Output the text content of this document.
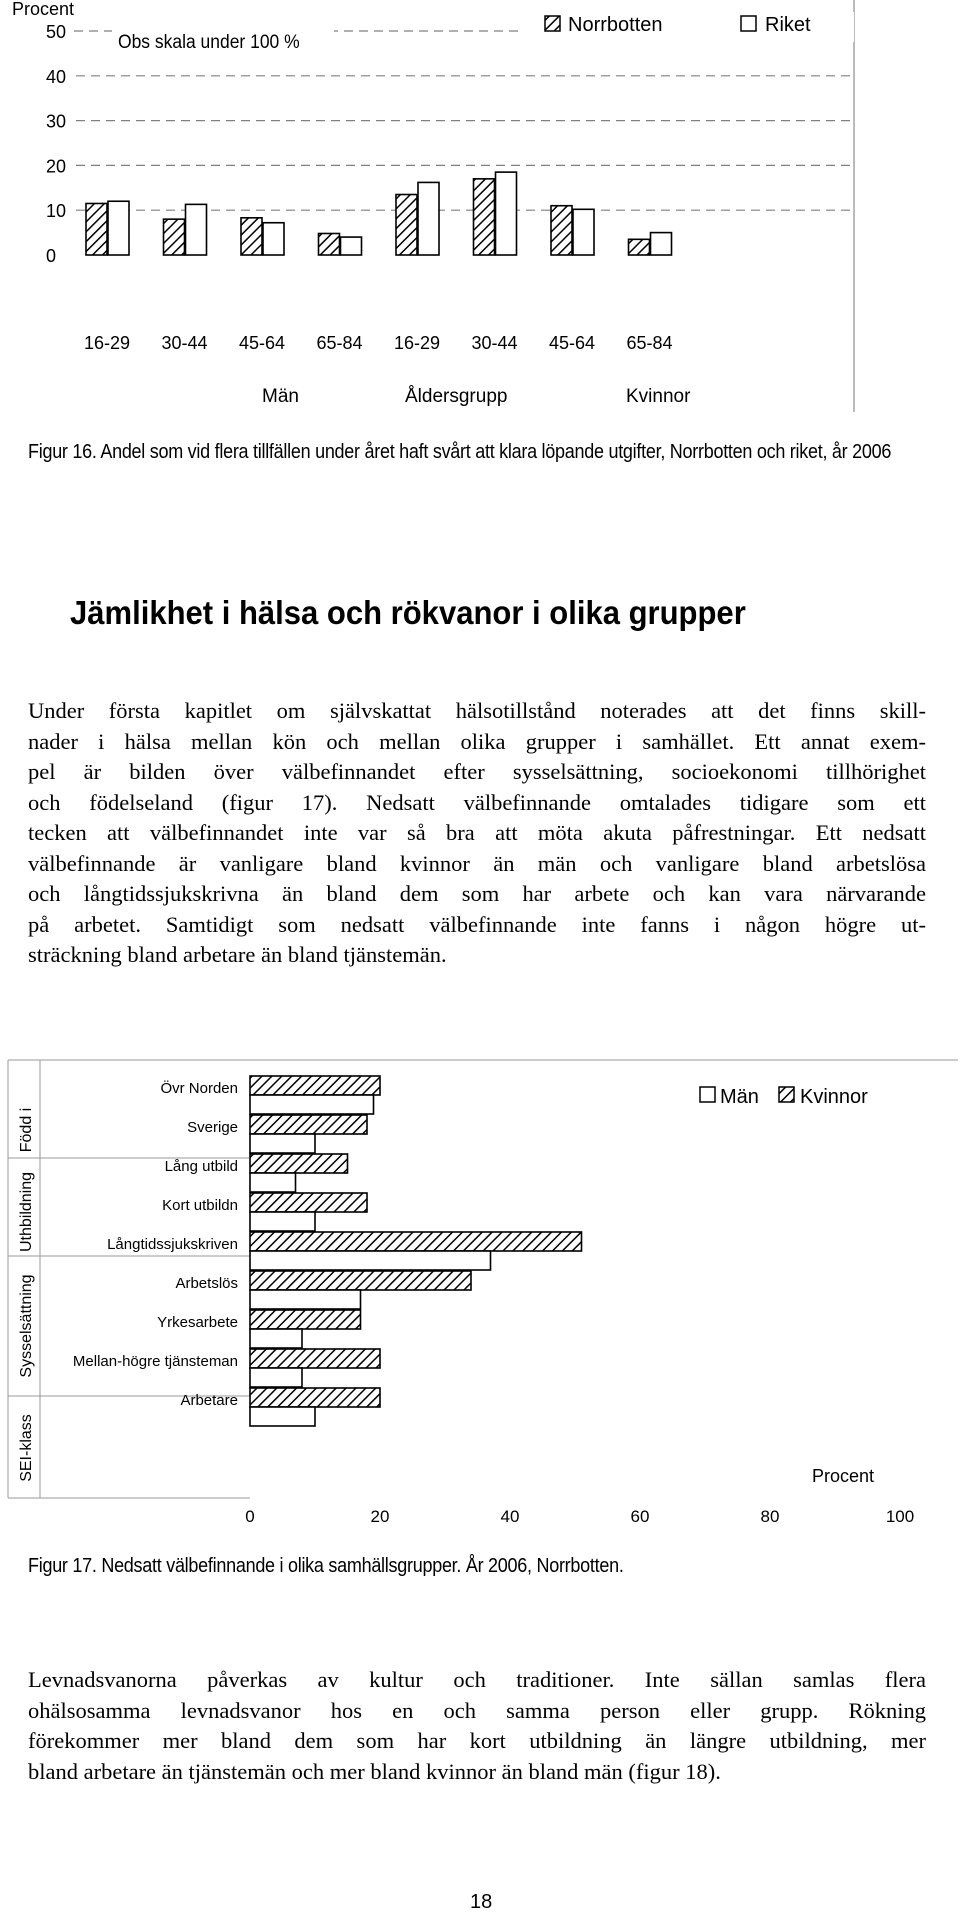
0
10
20
30
40
50
Procent
Obs skala under 100 %
Norrbotten	Riket
16-29 30-44 45-64 65-84 16-29 30-44 45-64 65-84
Män	Åldersgrupp	Kvinnor
Figur 16. Andel som vid flera tillfällen under året haft svårt att klara löpande utgifter, Norrbotten och riket, år 2006
Jämlikhet i hälsa och rökvanor i olika grupper
Under första kapitlet om självskattat hälsotillstånd noterades att det finns skill-
nader i hälsa mellan kön och mellan olika grupper i samhället. Ett annat exem-
pel är bilden över välbefinnandet efter sysselsättning, socioekonomi tillhörighet
och födelseland (figur 17). Nedsatt välbefinnande omtalades tidigare som ett
tecken att välbefinnandet inte var så bra att möta akuta påfrestningar. Ett nedsatt
välbefinnande är vanligare bland kvinnor än män och vanligare bland arbetslösa
och långtidssjukskrivna än bland dem som har arbete och kan vara närvarande
på arbetet. Samtidigt som nedsatt välbefinnande inte fanns i någon högre ut-
sträckning bland arbetare än bland tjänstemän.
Född i
Uthbildning
Sysselsättning
SEI-klass
Övr Norden
Sverige
Lång utbild
Kort utbildn
Långtidssjukskriven
Arbetslös
Yrkesarbete
Mellan-högre tjänsteman
Arbetare
0	20	40	60	80	100
Procent
Män Kvinnor
Figur 17. Nedsatt välbefinnande i olika samhällsgrupper. År 2006, Norrbotten.
Levnadsvanorna påverkas av kultur och traditioner. Inte sällan samlas flera
ohälsosamma levnadsvanor hos en och samma person eller grupp. Rökning
förekommer mer bland dem som har kort utbildning än längre utbildning, mer
bland arbetare än tjänstemän och mer bland kvinnor än bland män (figur 18).
18
